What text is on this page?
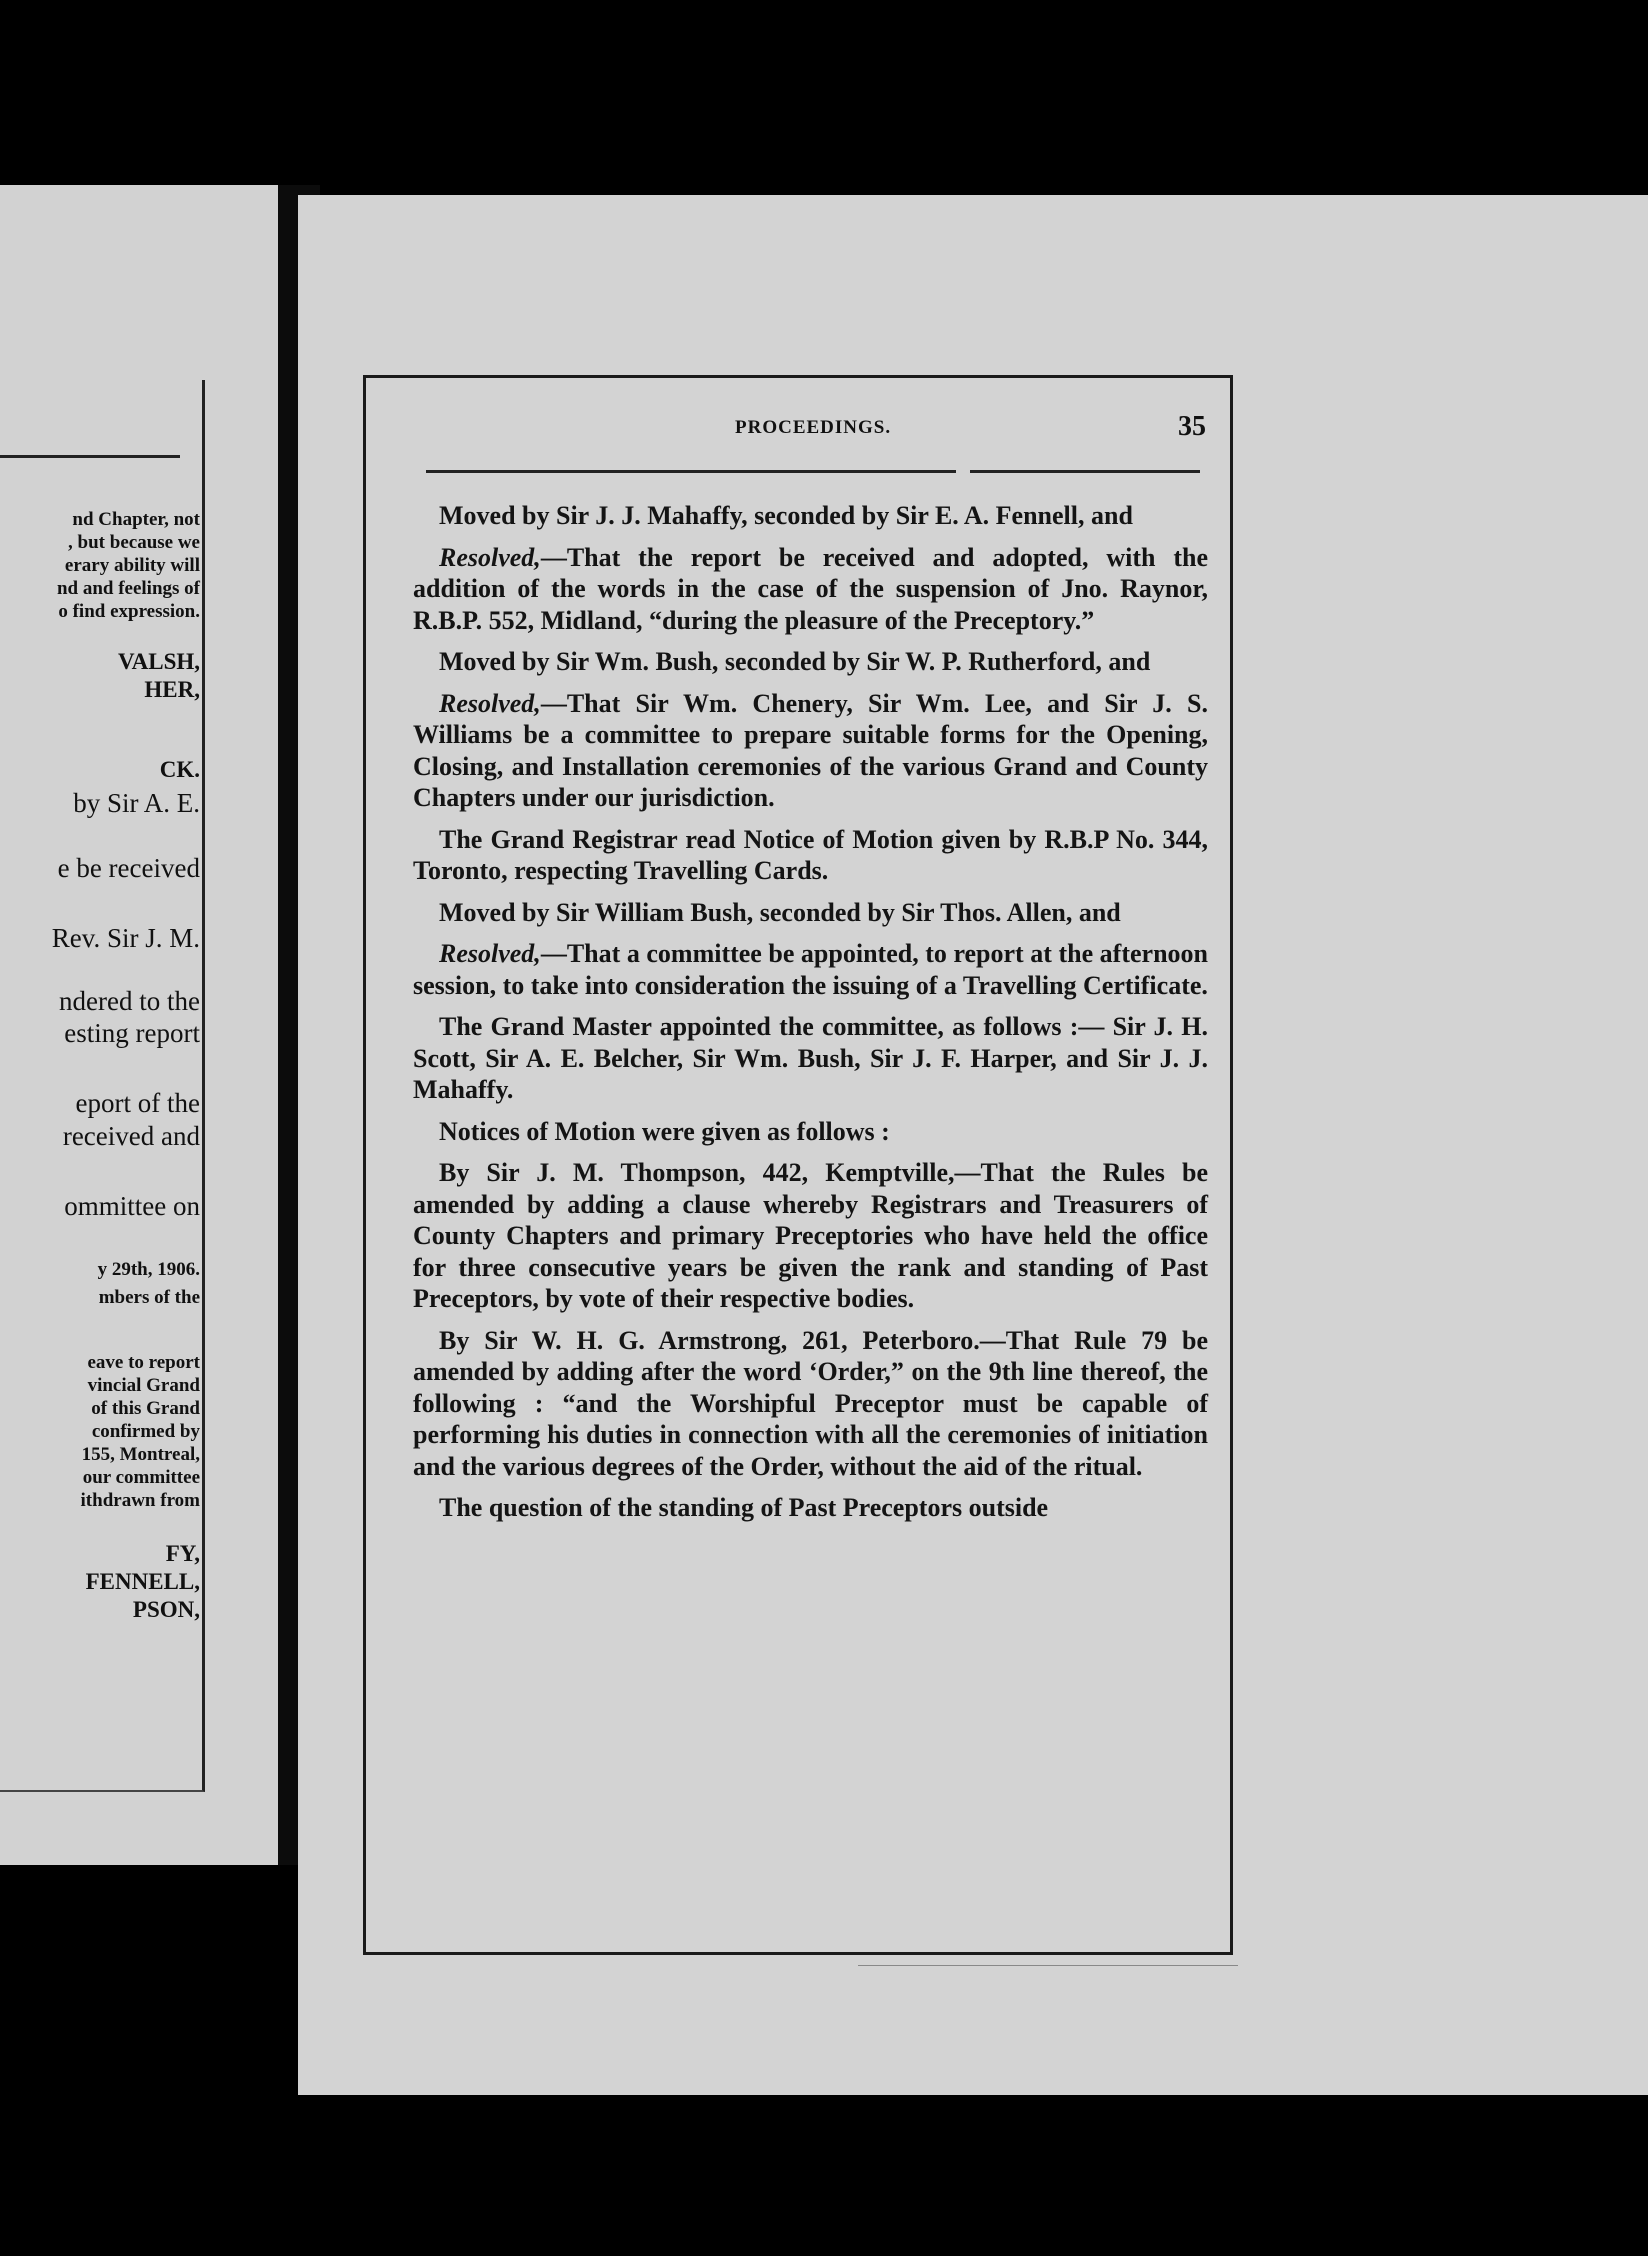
nd Chapter, not
, but because we
erary ability will
nd and feelings of
o find expression.
VALSH,
HER,
CK.
by Sir A. E.
e be received
Rev. Sir J. M.
ndered to the
esting report
eport of the
received and
ommittee on
y 29th, 1906.
mbers of the
eave to report
vincial Grand
of this Grand
confirmed by
155, Montreal,
our committee
ithdrawn from
FY,
FENNELL,
PSON,
PROCEEDINGS.	35

Moved by Sir J. J. Mahaffy, seconded by Sir E. A. Fennell, and

Resolved,—That the report be received and adopted, with the addition of the words in the case of the suspension of Jno. Raynor, R.B.P. 552, Midland, “during the pleasure of the Preceptory.”

Moved by Sir Wm. Bush, seconded by Sir W. P. Rutherford, and

Resolved,—That Sir Wm. Chenery, Sir Wm. Lee, and Sir J. S. Williams be a committee to prepare suitable forms for the Opening, Closing, and Installation ceremonies of the various Grand and County Chapters under our jurisdiction.

The Grand Registrar read Notice of Motion given by R.B.P No. 344, Toronto, respecting Travelling Cards.

Moved by Sir William Bush, seconded by Sir Thos. Allen, and

Resolved,—That a committee be appointed, to report at the afternoon session, to take into consideration the issuing of a Travelling Certificate.

The Grand Master appointed the committee, as follows :— Sir J. H. Scott, Sir A. E. Belcher, Sir Wm. Bush, Sir J. F. Harper, and Sir J. J. Mahaffy.

Notices of Motion were given as follows :

By Sir J. M. Thompson, 442, Kemptville,—That the Rules be amended by adding a clause whereby Registrars and Treasurers of County Chapters and primary Preceptories who have held the office for three consecutive years be given the rank and standing of Past Preceptors, by vote of their respective bodies.

By Sir W. H. G. Armstrong, 261, Peterboro.—That Rule 79 be amended by adding after the word ‘Order,” on the 9th line thereof, the following : “and the Worshipful Preceptor must be capable of performing his duties in connection with all the ceremonies of initiation and the various degrees of the Order, without the aid of the ritual.

The question of the standing of Past Preceptors outside
